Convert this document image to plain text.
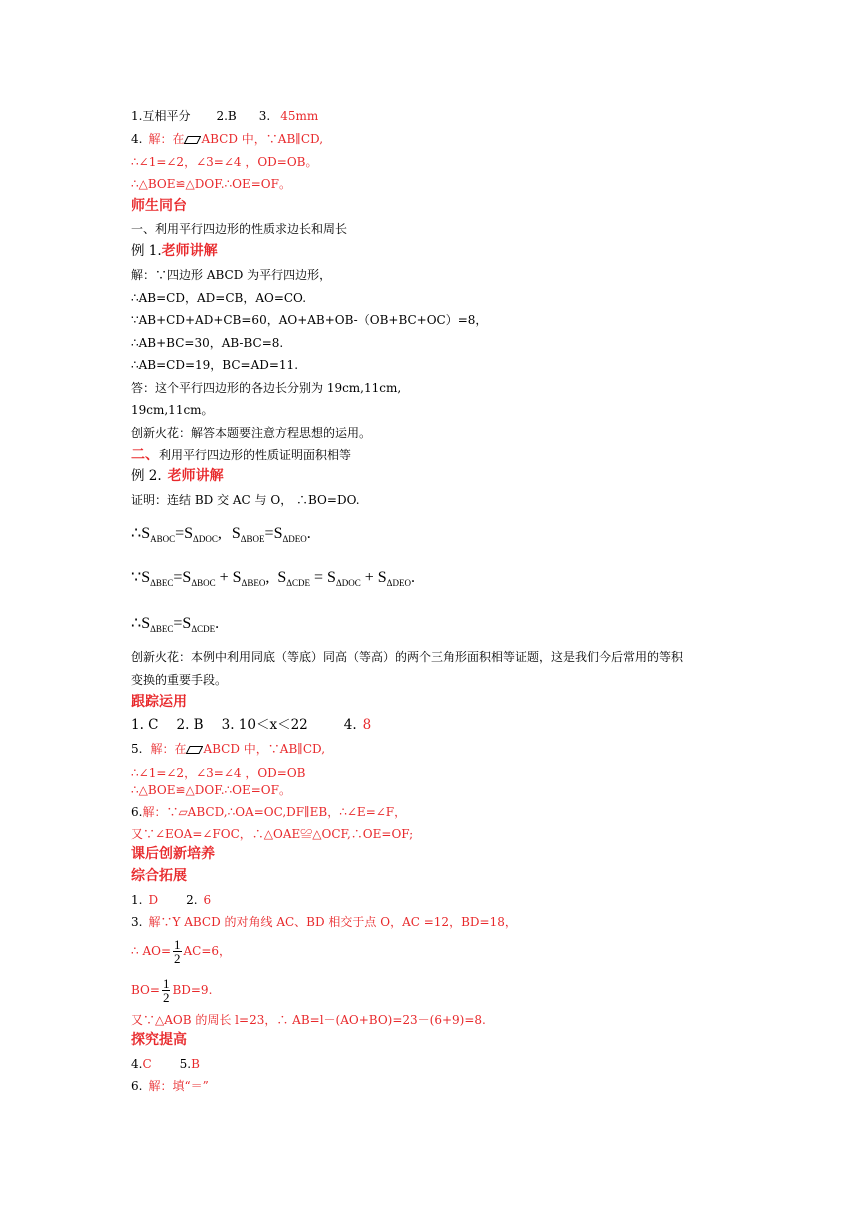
1.互相平分 2.B 3. 45mm
4. 解：在 ABCD 中，∵AB∥CD,
∴∠1=∠2，∠3=∠4 ，OD=OB。
∴△BOE≌△DOF.∴OE=OF。
师生同台
一、利用平行四边形的性质求边长和周长
例 1.老师讲解
解：∵四边形 ABCD 为平行四边形，
∴AB=CD，AD=CB，AO=CO.
∵AB+CD+AD+CB=60，AO+AB+OB-（OB+BC+OC）=8，
∴AB+BC=30，AB-BC=8.
∴AB=CD=19，BC=AD=11.
答：这个平行四边形的各边长分别为 19cm,11cm,
19cm,11cm。
创新火花：解答本题要注意方程思想的运用。
二、利用平行四边形的性质证明面积相等
例 2. 老师讲解
证明：连结 BD 交 AC 与 O， ∴BO=DO.
$\therefore S_{ABOC}=S_{\Delta DOC}$, $S_{\Delta BOE}=S_{\Delta DEO}$.
$\because S_{\Delta BEC}=S_{\Delta BOC} + S_{\Delta BEO}$, $S_{\Delta CDE} = S_{\Delta DOC} + S_{\Delta DEO}$.
$\therefore S_{\Delta BEC}=S_{\Delta CDE}$.
创新火花：本例中利用同底（等底）同高（等高）的两个三角形面积相等证题，这是我们今后常用的等积
变换的重要手段。
跟踪运用
1. C 2. B 3. 10＜x＜22	4. 8
5. 解：在 ABCD 中，∵AB∥CD,
∴∠1=∠2，∠3=∠4 ，OD=OB
∴△BOE≌△DOF.∴OE=OF。
6.解：∵▱ABCD,∴OA=OC,DF∥EB，∴∠E=∠F，
又∵∠EOA=∠FOC，∴△OAE≌△OCF,∴OE=OF;
课后创新培养
综合拓展
1. D 2. 6
3. 解∵Y ABCD 的对角线 AC、BD 相交于点 O，AC =12，BD=18，
∴ $AO= \frac{1}{2} AC=6$，
$BO= \frac{1}{2} BD=9$.
又∵△AOB 的周长 l=23，∴ AB=l－(AO+BO)=23－(6+9)=8.
探究提高
4.C 5.B
6. 解：填“＝”
